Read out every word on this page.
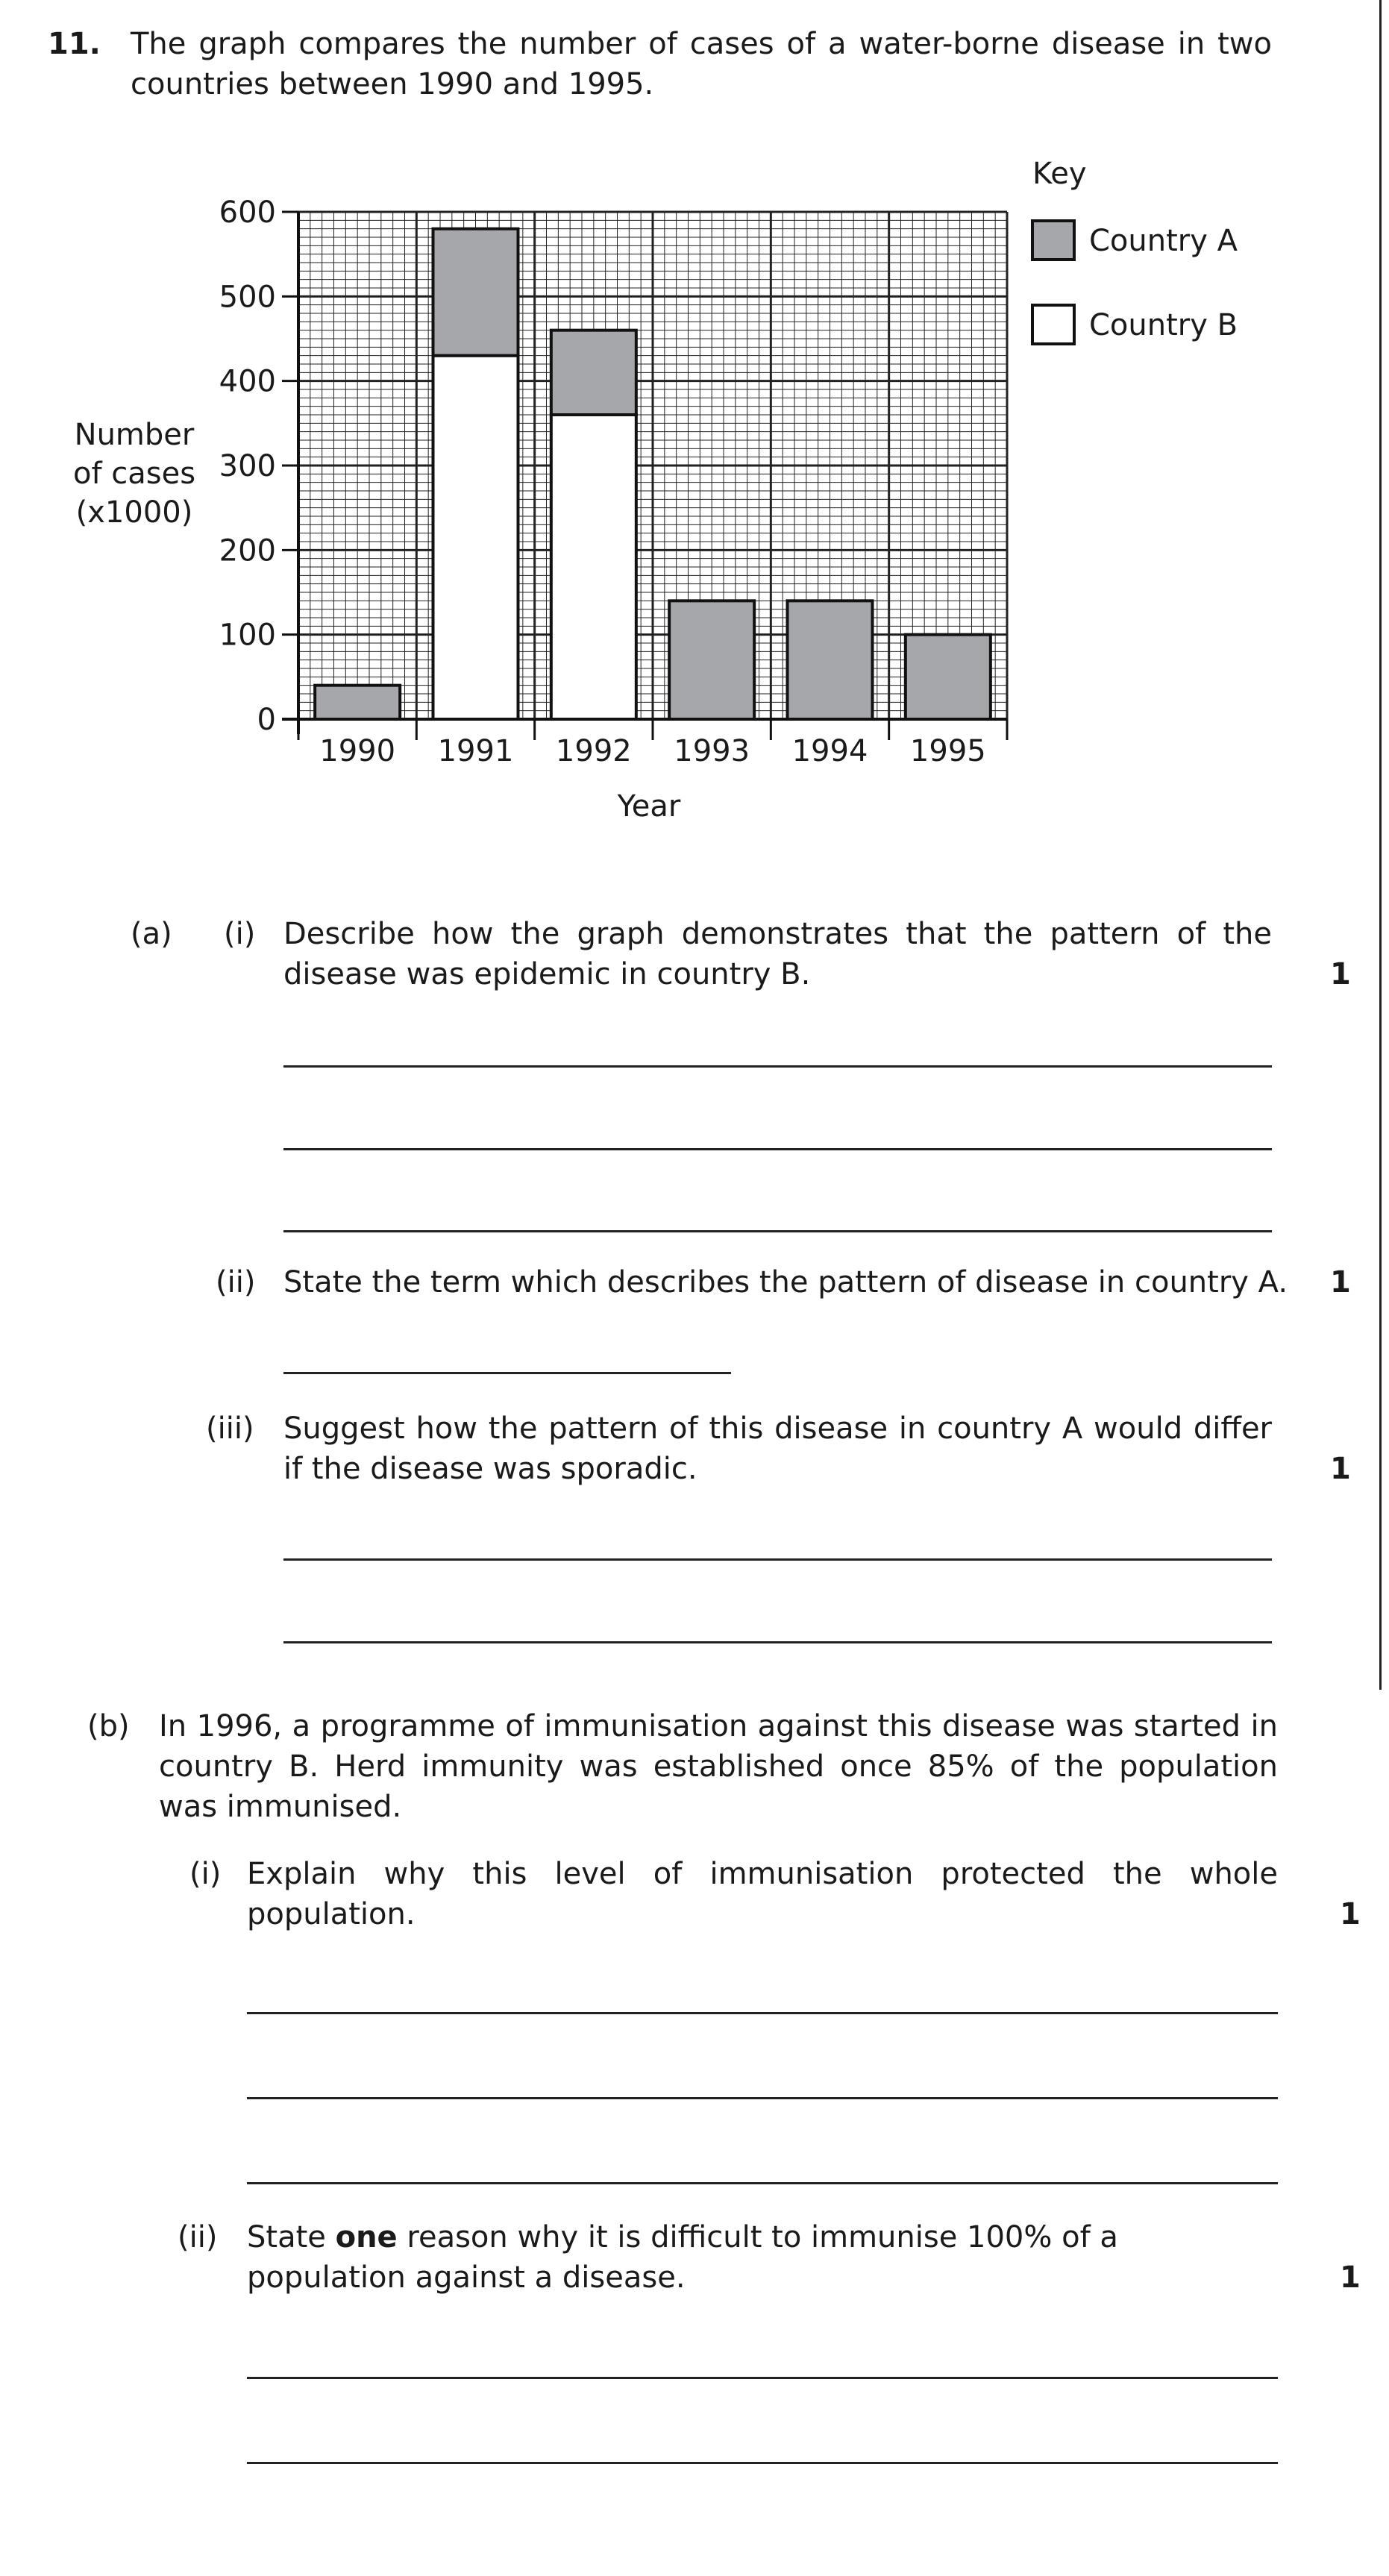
11. The graph compares the number of cases of a water-borne disease in two countries between 1990 and 1995.
0
100
200
300
400
500
600
1990 1991 1992 1993 1994 1995
Year
Number
of cases
(x1000)
Key
Country A
Country B
(a) (i) Describe how the graph demonstrates that the pattern of the disease was epidemic in country B.	1
(ii) State the term which describes the pattern of disease in country A. 1
(iii) Suggest how the pattern of this disease in country A would differ if the disease was sporadic.	1
(b) In 1996, a programme of immunisation against this disease was started in country B. Herd immunity was established once 85% of the population was immunised.
(i) Explain why this level of immunisation protected the whole population.	1
(ii) State one reason why it is difficult to immunise 100% of a population against a disease.	1
